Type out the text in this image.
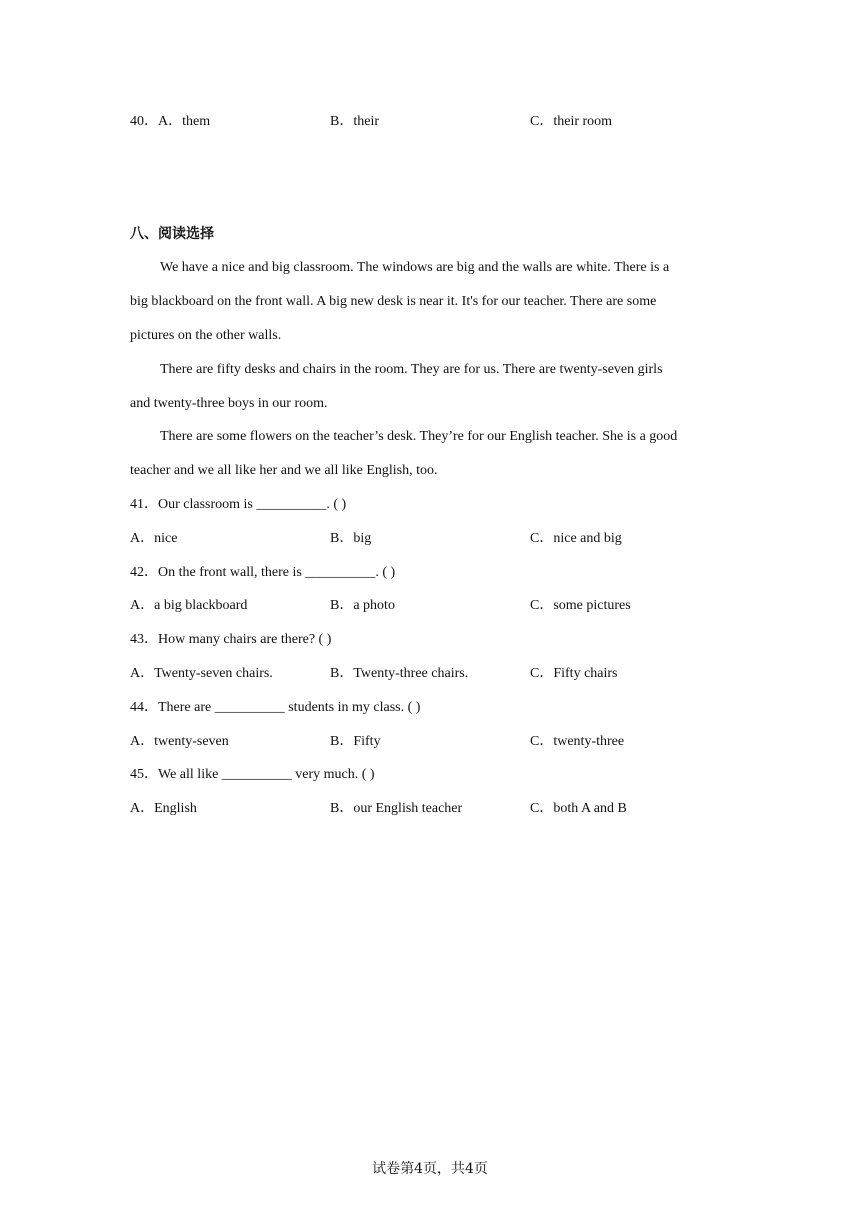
40．A．them	B．their	C．their room
八、阅读选择
We have a nice and big classroom. The windows are big and the walls are white. There is a
big blackboard on the front wall. A big new desk is near it. It's for our teacher. There are some
pictures on the other walls.
There are fifty desks and chairs in the room. They are for us. There are twenty-seven girls
and twenty-three boys in our room.
There are some flowers on the teacher’s desk. They’re for our English teacher. She is a good
teacher and we all like her and we all like English, too.
41．Our classroom is __________. ( )
A．nice	B．big	C．nice and big
42．On the front wall, there is __________. ( )
A．a big blackboard	B．a photo	C．some pictures
43．How many chairs are there? ( )
A．Twenty-seven chairs.	B．Twenty-three chairs.	C．Fifty chairs
44．There are __________ students in my class. ( )
A．twenty-seven	B．Fifty	C．twenty-three
45．We all like __________ very much. ( )
A．English	B．our English teacher	C．both A and B
试卷第4页，共4页
